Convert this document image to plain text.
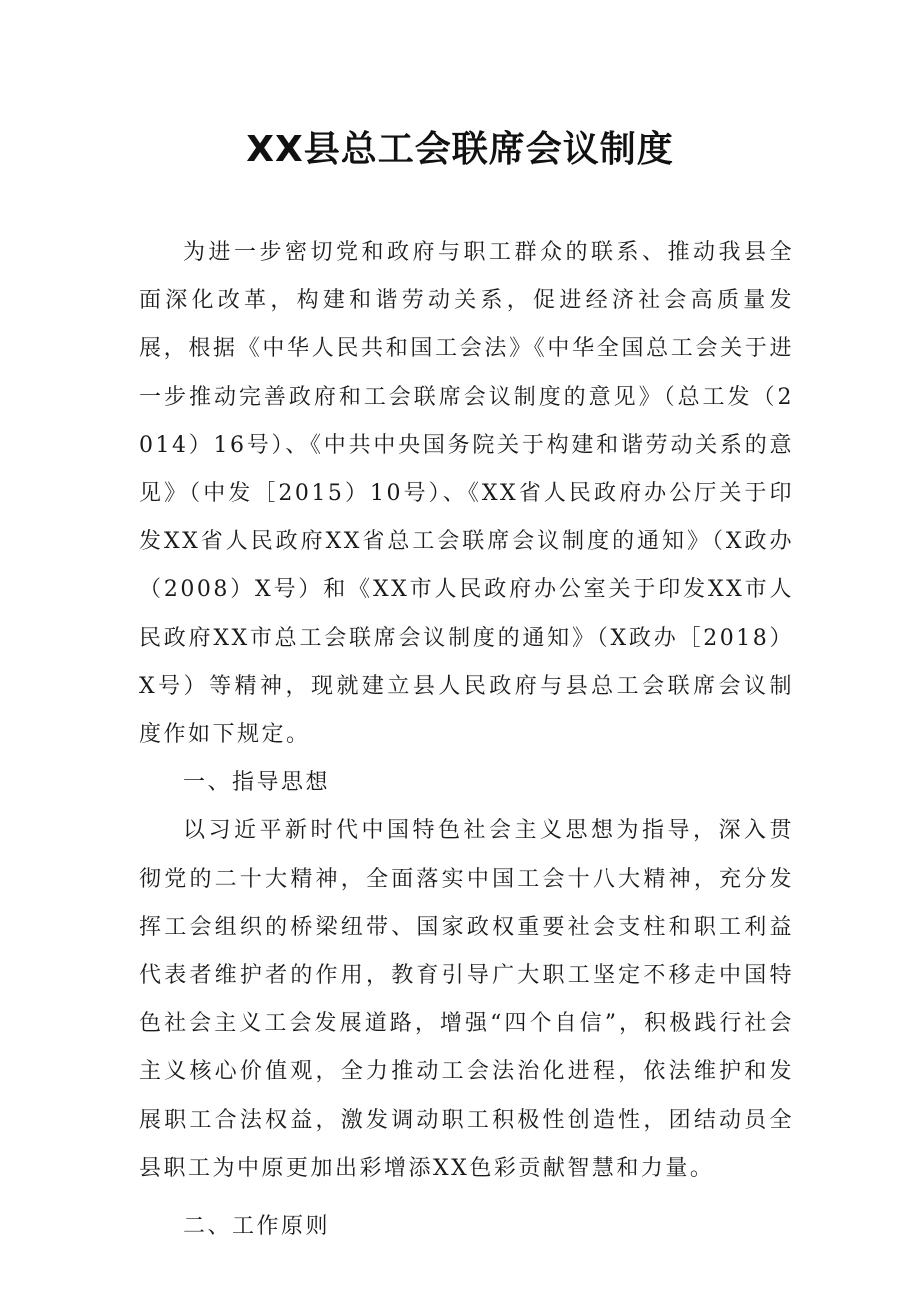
XX县总工会联席会议制度

为进一步密切党和政府与职工群众的联系、推动我县全面深化改革，构建和谐劳动关系，促进经济社会高质量发展，根据《中华人民共和国工会法》《中华全国总工会关于进一步推动完善政府和工会联席会议制度的意见》（总工发（2014）16号）、《中共中央国务院关于构建和谐劳动关系的意见》（中发［2015）10号）、《XX省人民政府办公厅关于印发XX省人民政府XX省总工会联席会议制度的通知》（X政办（2008）X号）和《XX市人民政府办公室关于印发XX市人民政府XX市总工会联席会议制度的通知》（X政办［2018）X号）等精神，现就建立县人民政府与县总工会联席会议制度作如下规定。

一、指导思想

以习近平新时代中国特色社会主义思想为指导，深入贯彻党的二十大精神，全面落实中国工会十八大精神，充分发挥工会组织的桥梁纽带、国家政权重要社会支柱和职工利益代表者维护者的作用，教育引导广大职工坚定不移走中国特色社会主义工会发展道路，增强“四个自信”，积极践行社会主义核心价值观，全力推动工会法治化进程，依法维护和发展职工合法权益，激发调动职工积极性创造性，团结动员全县职工为中原更加出彩增添XX色彩贡献智慧和力量。

二、工作原则
